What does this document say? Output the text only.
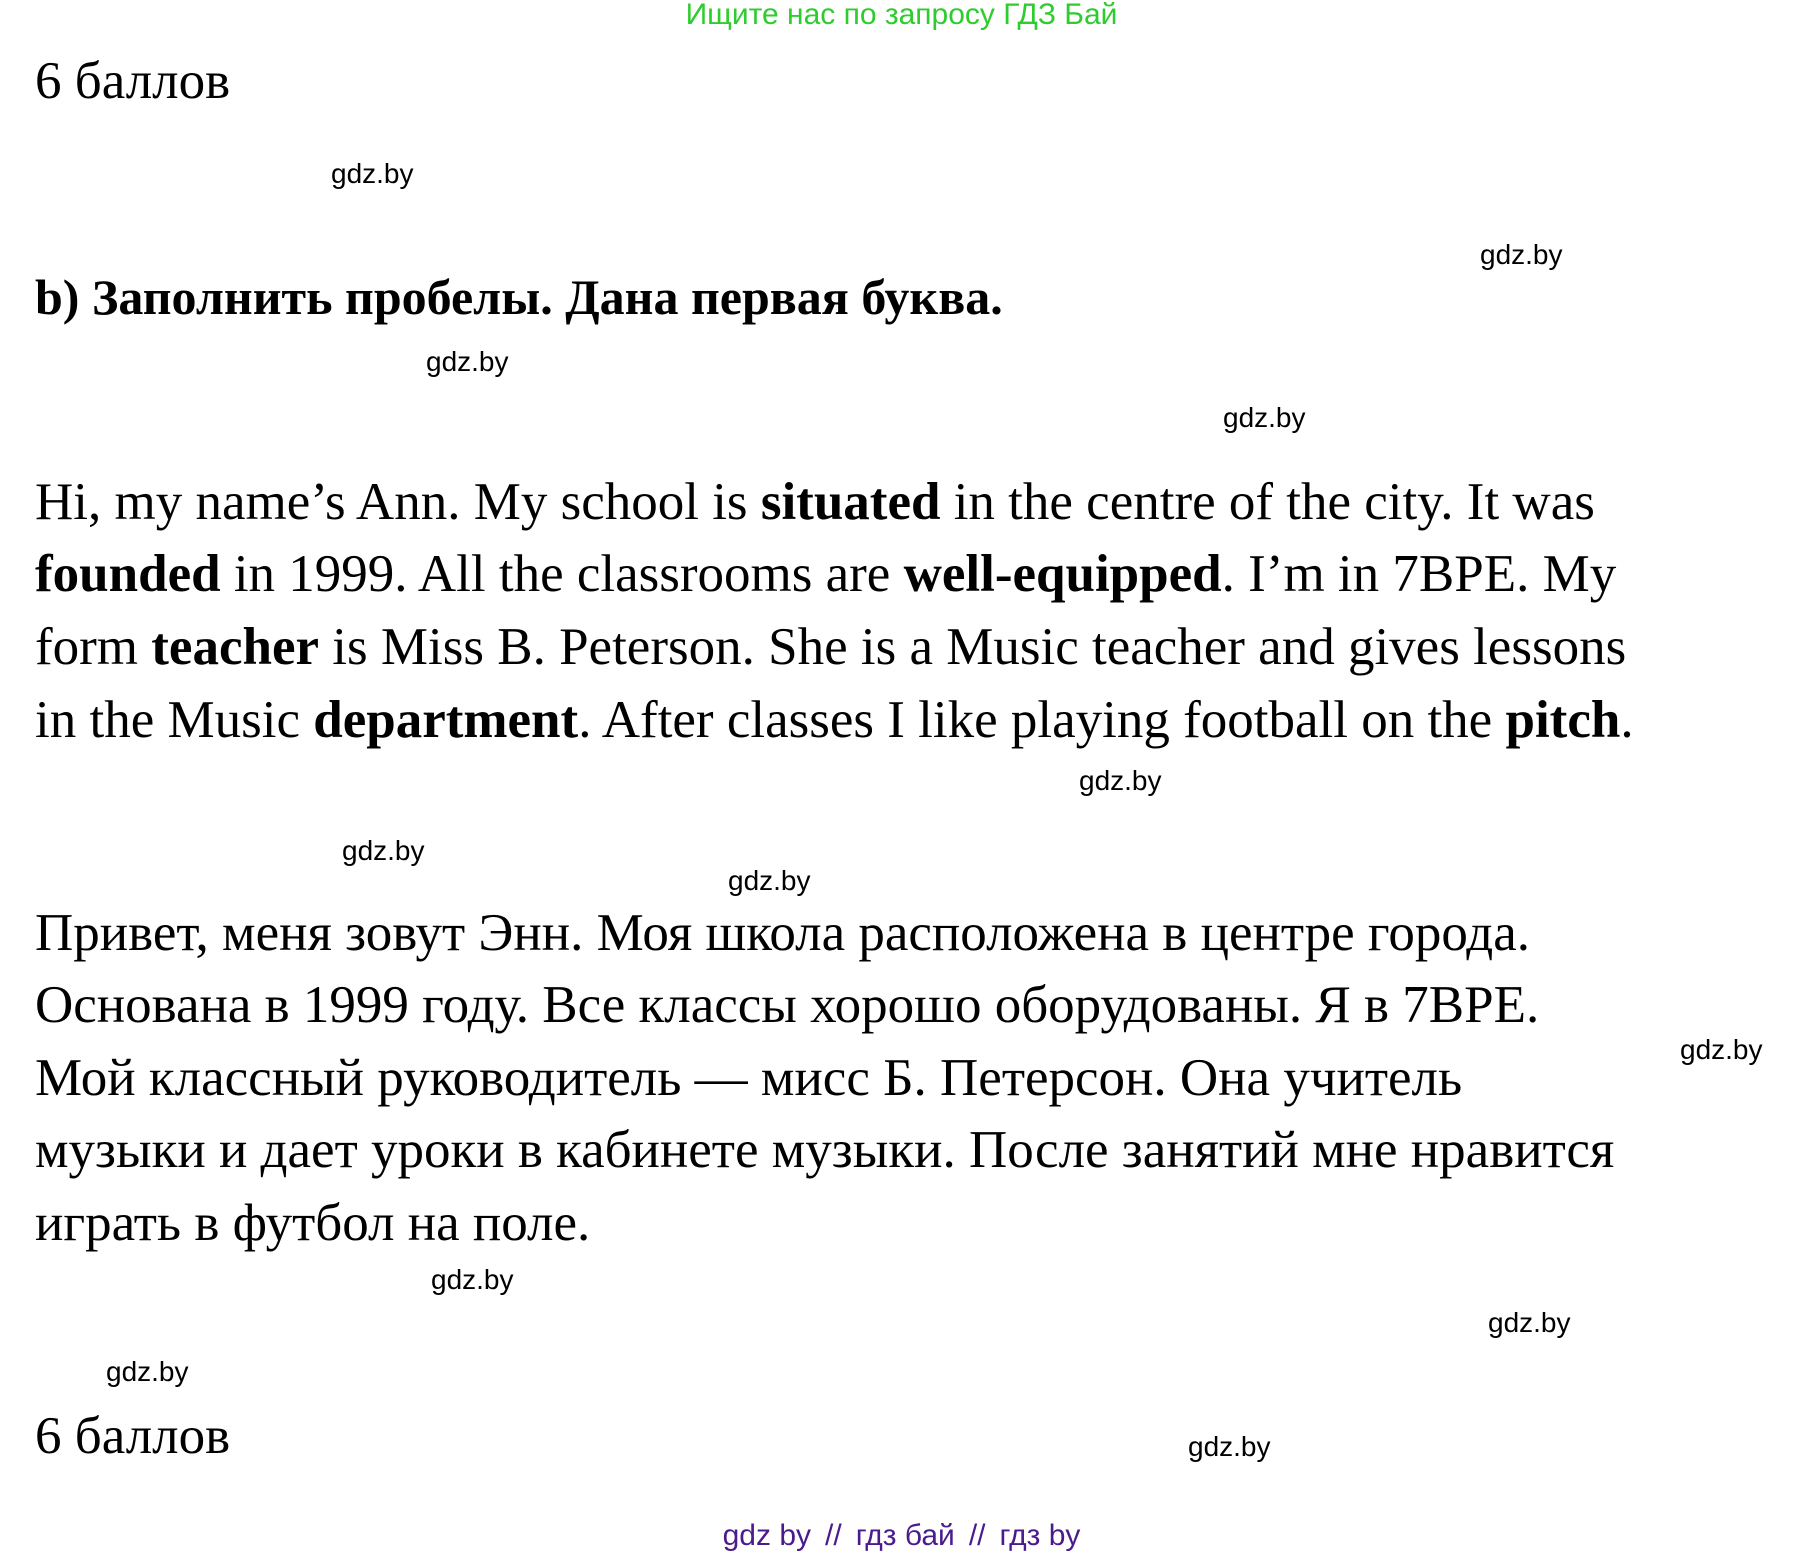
Ищите нас по запросу ГДЗ Бай
6 баллов
b) Заполнить пробелы. Дана первая буква.
Hi, my name’s Ann. My school is situated in the centre of the city. It was
founded in 1999. All the classrooms are well-equipped. I’m in 7BPE. My
form teacher is Miss B. Peterson. She is a Music teacher and gives lessons
in the Music department. After classes I like playing football on the pitch.
Привет, меня зовут Энн. Моя школа расположена в центре города.
Основана в 1999 году. Все классы хорошо оборудованы. Я в 7BPE.
Мой классный руководитель — мисс Б. Петерсон. Она учитель
музыки и дает уроки в кабинете музыки. После занятий мне нравится
играть в футбол на поле.
6 баллов
gdz.by
gdz.by
gdz.by
gdz.by
gdz.by
gdz.by
gdz.by
gdz.by
gdz.by
gdz.by
gdz.by
gdz.by
gdz by // гдз бай // гдз by
